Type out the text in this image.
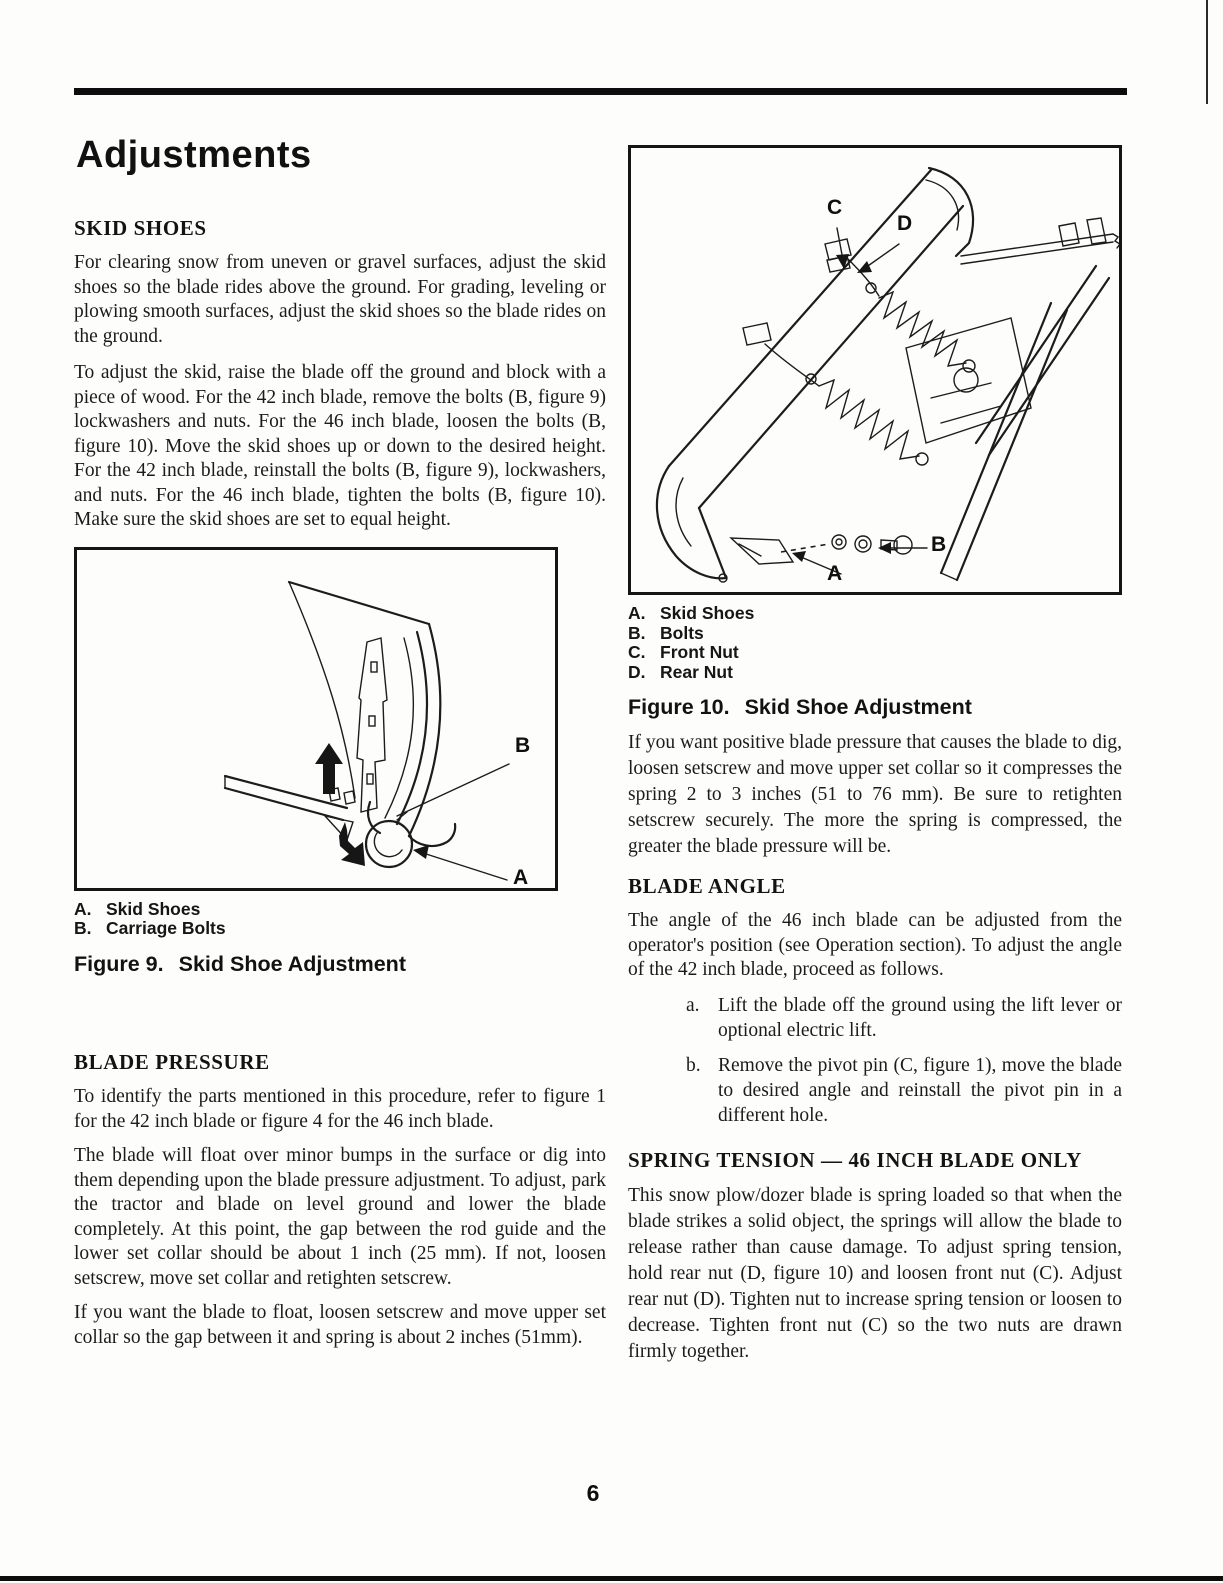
Adjustments
SKID SHOES

For clearing snow from uneven or gravel surfaces, adjust the skid shoes so the blade rides above the ground. For grading, leveling or plowing smooth surfaces, adjust the skid shoes so the blade rides on the ground.

To adjust the skid, raise the blade off the ground and block with a piece of wood. For the 42 inch blade, remove the bolts (B, figure 9) lockwashers and nuts. For the 46 inch blade, loosen the bolts (B, figure 10). Move the skid shoes up or down to the desired height. For the 42 inch blade, reinstall the bolts (B, figure 9), lockwashers, and nuts. For the 46 inch blade, tighten the bolts (B, figure 10). Make sure the skid shoes are set to equal height.

B
A
A. Skid Shoes
B. Carriage Bolts
Figure 9. Skid Shoe Adjustment
BLADE PRESSURE

To identify the parts mentioned in this procedure, refer to figure 1 for the 42 inch blade or figure 4 for the 46 inch blade.

The blade will float over minor bumps in the surface or dig into them depending upon the blade pressure adjustment. To adjust, park the tractor and blade on level ground and lower the blade completely. At this point, the gap between the rod guide and the lower set collar should be about 1 inch (25 mm). If not, loosen setscrew, move set collar and retighten setscrew.

If you want the blade to float, loosen setscrew and move upper set collar so the gap between it and spring is about 2 inches (51mm).

C
D
B
A
A. Skid Shoes
B. Bolts
C. Front Nut
D. Rear Nut
Figure 10. Skid Shoe Adjustment

If you want positive blade pressure that causes the blade to dig, loosen setscrew and move upper set collar so it compresses the spring 2 to 3 inches (51 to 76 mm). Be sure to retighten setscrew securely. The more the spring is compressed, the greater the blade pressure will be.

BLADE ANGLE

The angle of the 46 inch blade can be adjusted from the operator's position (see Operation section). To adjust the angle of the 42 inch blade, proceed as follows.

a. Lift the blade off the ground using the lift lever or optional electric lift.
b. Remove the pivot pin (C, figure 1), move the blade to desired angle and reinstall the pivot pin in a different hole.
SPRING TENSION — 46 INCH BLADE ONLY

This snow plow/dozer blade is spring loaded so that when the blade strikes a solid object, the springs will allow the blade to release rather than cause damage. To adjust spring tension, hold rear nut (D, figure 10) and loosen front nut (C). Adjust rear nut (D). Tighten nut to increase spring tension or loosen to decrease. Tighten front nut (C) so the two nuts are drawn firmly together.

6
